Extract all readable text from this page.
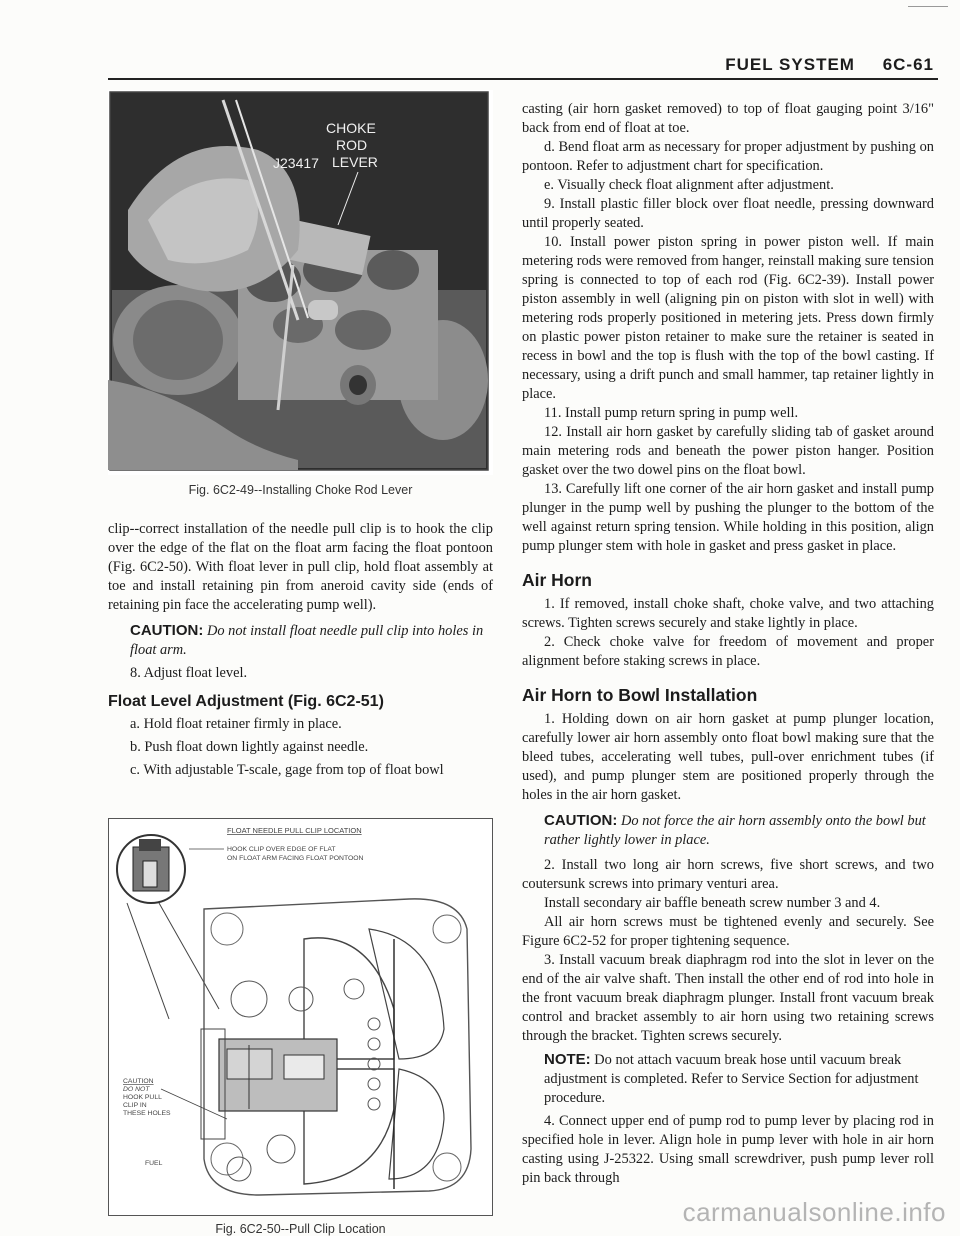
FUEL SYSTEM 6C-61
CHOKE
ROD
LEVER
J23417
Fig. 6C2-49--Installing Choke Rod Lever

clip--correct installation of the needle pull clip is to hook the clip over the edge of the flat on the float arm facing the float pontoon (Fig. 6C2-50). With float lever in pull clip, hold float assembly at toe and install retaining pin from aneroid cavity side (ends of retaining pin face the accelerating pump well).

CAUTION: Do not install float needle pull clip into holes in float arm.

8. Adjust float level.

Float Level Adjustment (Fig. 6C2-51)

a. Hold float retainer firmly in place.

b. Push float down lightly against needle.

c. With adjustable T-scale, gage from top of float bowl

FLOAT NEEDLE PULL CLIP LOCATION
HOOK CLIP OVER EDGE OF FLAT
ON FLOAT ARM FACING FLOAT PONTOON
CAUTION
DO NOT
HOOK PULL
CLIP IN
THESE HOLES
FUEL
Fig. 6C2-50--Pull Clip Location

casting (air horn gasket removed) to top of float gauging point 3/16" back from end of float at toe.

d. Bend float arm as necessary for proper adjustment by pushing on pontoon. Refer to adjustment chart for specification.

e. Visually check float alignment after adjustment.

9. Install plastic filler block over float needle, pressing downward until properly seated.

10. Install power piston spring in power piston well. If main metering rods were removed from hanger, reinstall making sure tension spring is connected to top of each rod (Fig. 6C2-39). Install power piston assembly in well (aligning pin on piston with slot in well) with metering rods properly positioned in metering jets. Press down firmly on plastic power piston retainer to make sure the retainer is seated in recess in bowl and the top is flush with the top of the bowl casting. If necessary, using a drift punch and small hammer, tap retainer lightly in place.

11. Install pump return spring in pump well.

12. Install air horn gasket by carefully sliding tab of gasket around main metering rods and beneath the power piston hanger. Position gasket over the two dowel pins on the float bowl.

13. Carefully lift one corner of the air horn gasket and install pump plunger in the pump well by pushing the plunger to the bottom of the well against return spring tension. While holding in this position, align pump plunger stem with hole in gasket and press gasket in place.

Air Horn

1. If removed, install choke shaft, choke valve, and two attaching screws. Tighten screws securely and stake lightly in place.

2. Check choke valve for freedom of movement and proper alignment before staking screws in place.

Air Horn to Bowl Installation

1. Holding down on air horn gasket at pump plunger location, carefully lower air horn assembly onto float bowl making sure that the bleed tubes, accelerating well tubes, pull-over enrichment tubes (if used), and pump plunger stem are positioned properly through the holes in the air horn gasket.

CAUTION: Do not force the air horn assembly onto the bowl but rather lightly lower in place.

2. Install two long air horn screws, five short screws, and two coutersunk screws into primary venturi area.

Install secondary air baffle beneath screw number 3 and 4.

All air horn screws must be tightened evenly and securely. See Figure 6C2-52 for proper tightening sequence.

3. Install vacuum break diaphragm rod into the slot in lever on the end of the air valve shaft. Then install the other end of rod into hole in the front vacuum break diaphragm plunger. Install front vacuum break control and bracket assembly to air horn using two retaining screws through the bracket. Tighten screws securely.

NOTE: Do not attach vacuum break hose until vacuum break adjustment is completed. Refer to Service Section for adjustment procedure.

4. Connect upper end of pump rod to pump lever by placing rod in specified hole in lever. Align hole in pump lever with hole in air horn casting using J-25322. Using small screwdriver, push pump lever roll pin back through

carmanualsonline.info
